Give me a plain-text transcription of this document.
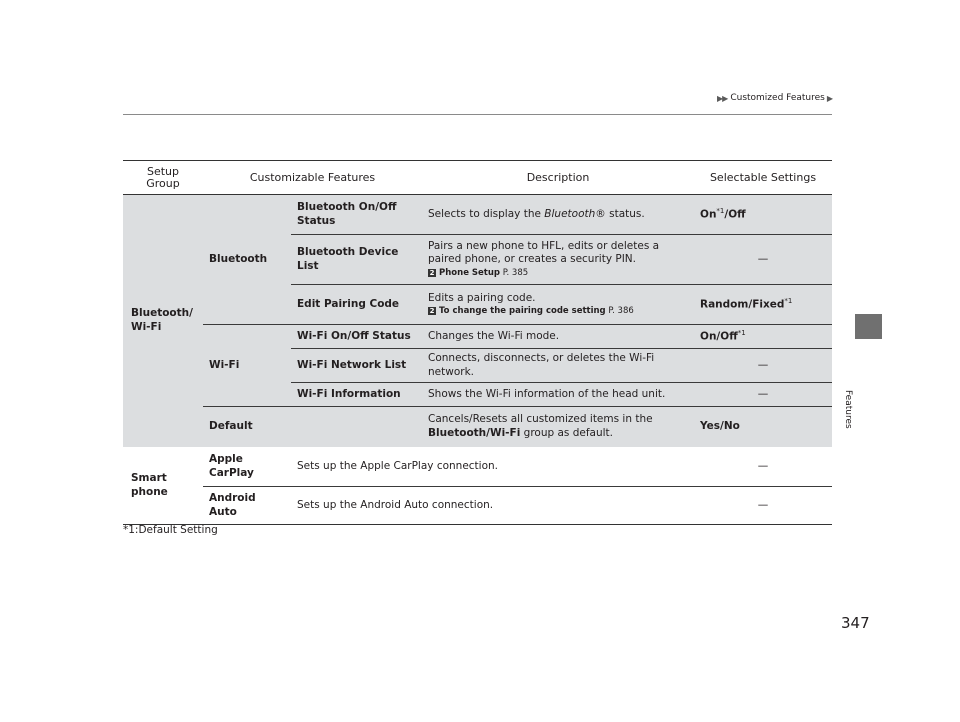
▶▶ Customized Features ▶
Features
Setup Group	Customizable Features		Description	Selectable Settings
Bluetooth/ Wi-Fi	Bluetooth	Bluetooth On/Off Status	Selects to display the Bluetooth® status.	On$^{*1}$/Off
		Bluetooth Device List	Pairs a new phone to HFL, edits or deletes a paired phone, or creates a security PIN.
2 Phone Setup P. 385	—
		Edit Pairing Code	Edits a pairing code.
2 To change the pairing code setting P. 386	Random/Fixed$^{*1}$
	Wi-Fi	Wi-Fi On/Off Status	Changes the Wi-Fi mode.	On/Off$^{*1}$
		Wi-Fi Network List	Connects, disconnects, or deletes the Wi-Fi network.	—
		Wi-Fi Information	Shows the Wi-Fi information of the head unit.	—
	Default		Cancels/Resets all customized items in the Bluetooth/Wi-Fi group as default.	Yes/No
Smart phone	Apple CarPlay	Sets up the Apple CarPlay connection.		—
	Android Auto	Sets up the Android Auto connection.		—
*1:Default Setting
347
